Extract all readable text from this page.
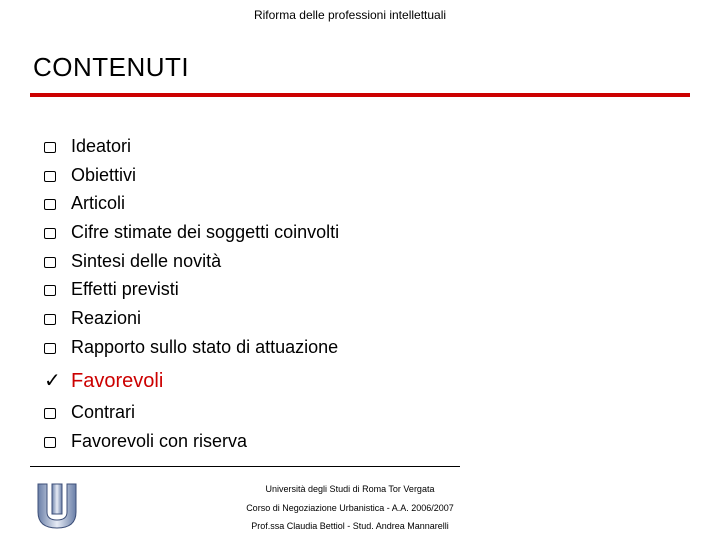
Riforma delle professioni intellettuali
CONTENUTI
Ideatori
Obiettivi
Articoli
Cifre stimate dei soggetti coinvolti
Sintesi delle novità
Effetti previsti
Reazioni
Rapporto sullo stato di attuazione
✓ Favorevoli
Contrari
Favorevoli con riserva
Università degli Studi di Roma Tor Vergata
Corso di Negoziazione Urbanistica - A.A. 2006/2007
Prof.ssa Claudia Bettiol - Stud. Andrea Mannarelli
